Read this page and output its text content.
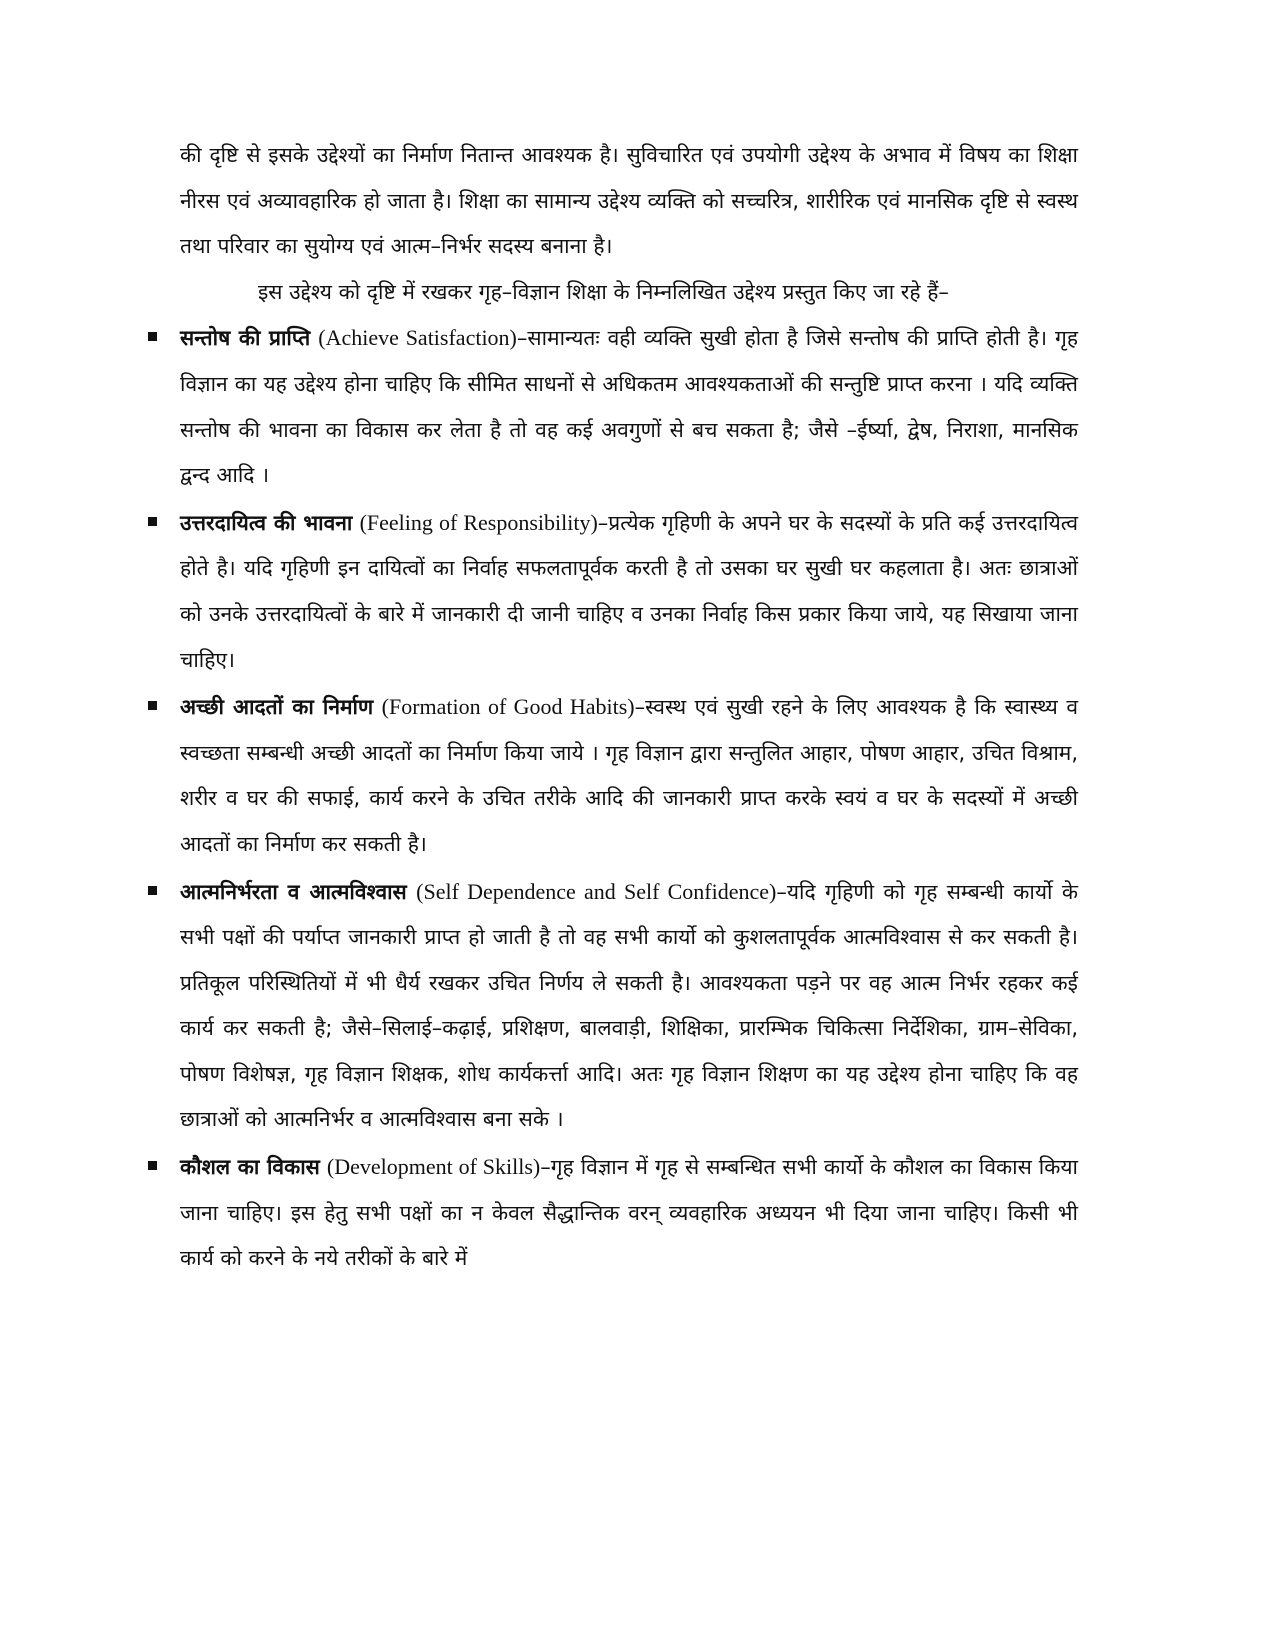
की दृष्टि से इसके उद्देश्यों का निर्माण नितान्त आवश्यक है। सुविचारित एवं उपयोगी उद्देश्य के अभाव में विषय का शिक्षा नीरस एवं अव्यावहारिक हो जाता है। शिक्षा का सामान्य उद्देश्य व्यक्ति को सच्चरित्र, शारीरिक एवं मानसिक दृष्टि से स्वस्थ तथा परिवार का सुयोग्य एवं आत्म–निर्भर सदस्य बनाना है।

इस उद्देश्य को दृष्टि में रखकर गृह–विज्ञान शिक्षा के निम्नलिखित उद्देश्य प्रस्तुत किए जा रहे हैं–

सन्तोष की प्राप्ति (Achieve Satisfaction)–सामान्यतः वही व्यक्ति सुखी होता है जिसे सन्तोष की प्राप्ति होती है। गृह विज्ञान का यह उद्देश्य होना चाहिए कि सीमित साधनों से अधिकतम आवश्यकताओं की सन्तुष्टि प्राप्त करना । यदि व्यक्ति सन्तोष की भावना का विकास कर लेता है तो वह कई अवगुणों से बच सकता है; जैसे –ईर्ष्या, द्वेष, निराशा, मानसिक द्वन्द आदि ।
उत्तरदायित्व की भावना (Feeling of Responsibility)–प्रत्येक गृहिणी के अपने घर के सदस्यों के प्रति कई उत्तरदायित्व होते है। यदि गृहिणी इन दायित्वों का निर्वाह सफलतापूर्वक करती है तो उसका घर सुखी घर कहलाता है। अतः छात्राओं को उनके उत्तरदायित्वों के बारे में जानकारी दी जानी चाहिए व उनका निर्वाह किस प्रकार किया जाये, यह सिखाया जाना चाहिए।
अच्छी आदतों का निर्माण (Formation of Good Habits)–स्वस्थ एवं सुखी रहने के लिए आवश्यक है कि स्वास्थ्य व स्वच्छता सम्बन्धी अच्छी आदतों का निर्माण किया जाये । गृह विज्ञान द्वारा सन्तुलित आहार, पोषण आहार, उचित विश्राम, शरीर व घर की सफाई, कार्य करने के उचित तरीके आदि की जानकारी प्राप्त करके स्वयं व घर के सदस्यों में अच्छी आदतों का निर्माण कर सकती है।
आत्मनिर्भरता व आत्मविश्वास (Self Dependence and Self Confidence)–यदि गृहिणी को गृह सम्बन्धी कार्यो के सभी पक्षों की पर्याप्त जानकारी प्राप्त हो जाती है तो वह सभी कार्यो को कुशलतापूर्वक आत्मविश्वास से कर सकती है। प्रतिकूल परिस्थितियों में भी धैर्य रखकर उचित निर्णय ले सकती है। आवश्यकता पड़ने पर वह आत्म निर्भर रहकर कई कार्य कर सकती है; जैसे–सिलाई–कढ़ाई, प्रशिक्षण, बालवाड़ी, शिक्षिका, प्रारम्भिक चिकित्सा निर्देशिका, ग्राम–सेविका, पोषण विशेषज्ञ, गृह विज्ञान शिक्षक, शोध कार्यकर्त्ता आदि। अतः गृह विज्ञान शिक्षण का यह उद्देश्य होना चाहिए कि वह छात्राओं को आत्मनिर्भर व आत्मविश्वास बना सके ।
कौशल का विकास (Development of Skills)–गृह विज्ञान में गृह से सम्बन्धित सभी कार्यो के कौशल का विकास किया जाना चाहिए। इस हेतु सभी पक्षों का न केवल सैद्धान्तिक वरन् व्यवहारिक अध्ययन भी दिया जाना चाहिए। किसी भी कार्य को करने के नये तरीकों के बारे में
